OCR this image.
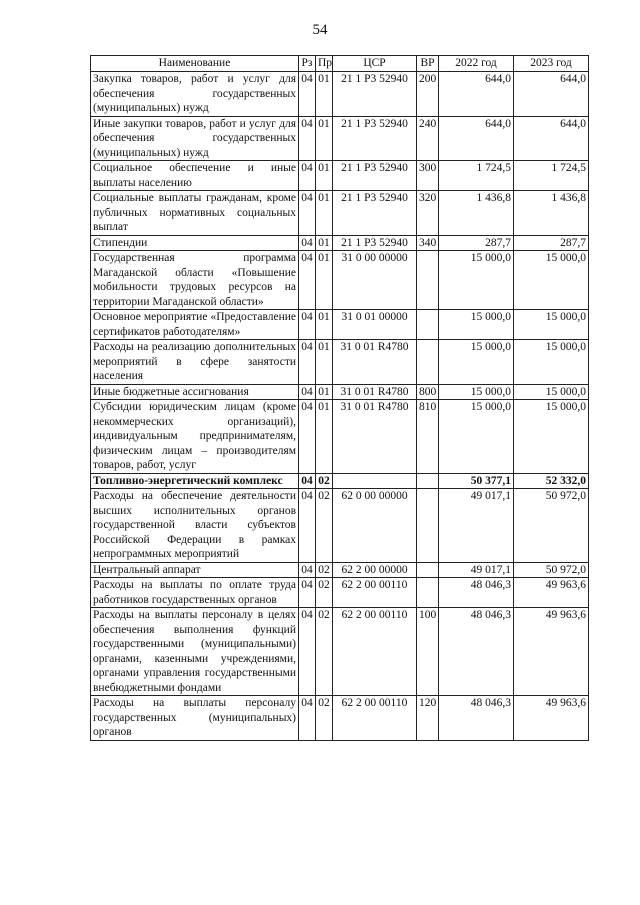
54
Наименование	Рз	Пр	ЦСР	ВР	2022 год	2023 год
Закупка товаров, работ и услуг для обеспечения государственных (муниципальных) нужд	04	01	21 1 Р3 52940	200	644,0	644,0
Иные закупки товаров, работ и услуг для обеспечения государственных (муниципальных) нужд	04	01	21 1 Р3 52940	240	644,0	644,0
Социальное обеспечение и иные выплаты населению	04	01	21 1 Р3 52940	300	1 724,5	1 724,5
Социальные выплаты гражданам, кроме публичных нормативных социальных выплат	04	01	21 1 Р3 52940	320	1 436,8	1 436,8
Стипендии	04	01	21 1 Р3 52940	340	287,7	287,7
Государственная программа Магаданской области «Повышение мобильности трудовых ресурсов на территории Магаданской области»	04	01	31 0 00 00000		15 000,0	15 000,0
Основное мероприятие «Предоставление сертификатов работодателям»	04	01	31 0 01 00000		15 000,0	15 000,0
Расходы на реализацию дополнительных мероприятий в сфере занятости населения	04	01	31 0 01 R4780		15 000,0	15 000,0
Иные бюджетные ассигнования	04	01	31 0 01 R4780	800	15 000,0	15 000,0
Субсидии юридическим лицам (кроме некоммерческих организаций), индивидуальным предпринимателям, физическим лицам – производителям товаров, работ, услуг	04	01	31 0 01 R4780	810	15 000,0	15 000,0
Топливно-энергетический комплекс	04	02			50 377,1	52 332,0
Расходы на обеспечение деятельности высших исполнительных органов государственной власти субъектов Российской Федерации в рамках непрограммных мероприятий	04	02	62 0 00 00000		49 017,1	50 972,0
Центральный аппарат	04	02	62 2 00 00000		49 017,1	50 972,0
Расходы на выплаты по оплате труда работников государственных органов	04	02	62 2 00 00110		48 046,3	49 963,6
Расходы на выплаты персоналу в целях обеспечения выполнения функций государственными (муниципальными) органами, казенными учреждениями, органами управления государственными внебюджетными фондами	04	02	62 2 00 00110	100	48 046,3	49 963,6
Расходы на выплаты персоналу государственных (муниципальных) органов	04	02	62 2 00 00110	120	48 046,3	49 963,6
